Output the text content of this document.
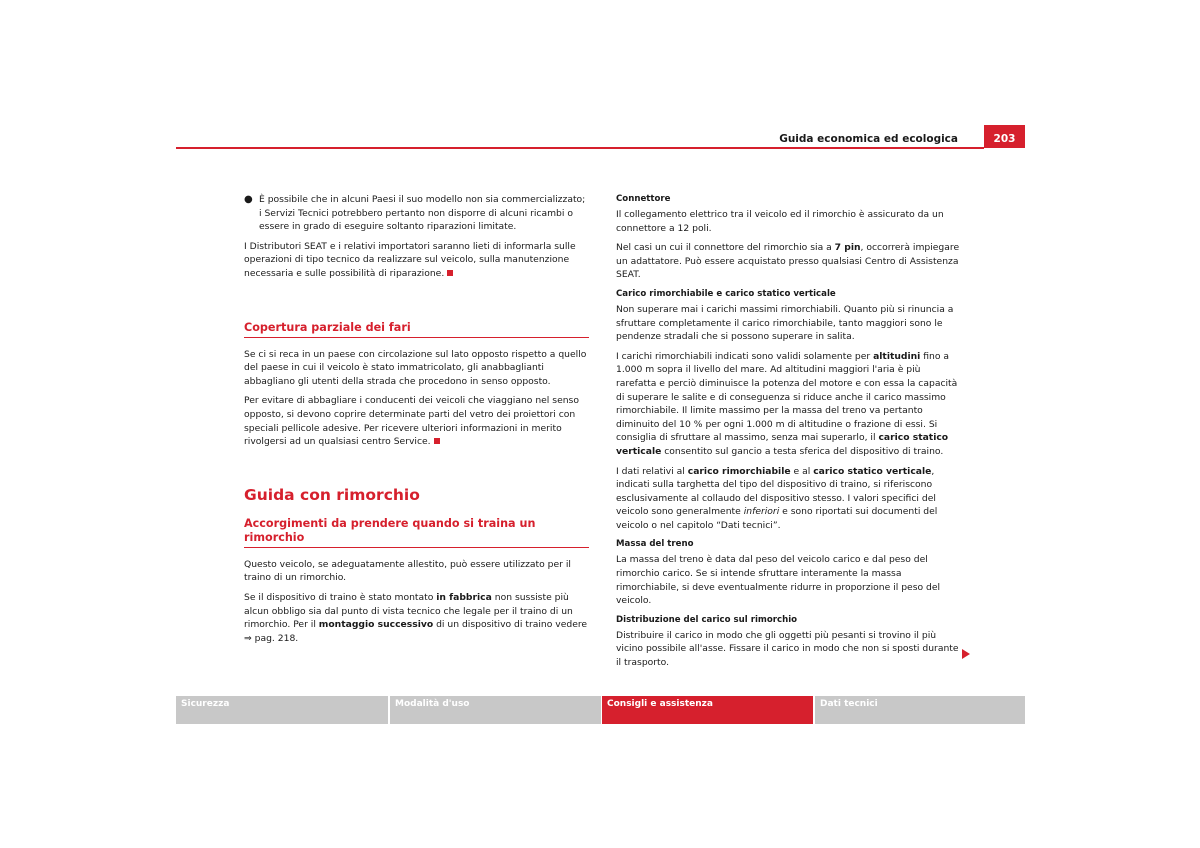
Guida economica ed ecologica	203

● È possibile che in alcuni Paesi il suo modello non sia commercializzato; i Servizi Tecnici potrebbero pertanto non disporre di alcuni ricambi o essere in grado di eseguire soltanto riparazioni limitate.

I Distributori SEAT e i relativi importatori saranno lieti di informarla sulle operazioni di tipo tecnico da realizzare sul veicolo, sulla manutenzione necessaria e sulle possibilità di riparazione.

Copertura parziale dei fari

Se ci si reca in un paese con circolazione sul lato opposto rispetto a quello del paese in cui il veicolo è stato immatricolato, gli anabbaglianti abbagliano gli utenti della strada che procedono in senso opposto.

Per evitare di abbagliare i conducenti dei veicoli che viaggiano nel senso opposto, si devono coprire determinate parti del vetro dei proiettori con speciali pellicole adesive. Per ricevere ulteriori informazioni in merito rivolgersi ad un qualsiasi centro Service.

Guida con rimorchio
Accorgimenti da prendere quando si traina un rimorchio

Questo veicolo, se adeguatamente allestito, può essere utilizzato per il traino di un rimorchio.

Se il dispositivo di traino è stato montato in fabbrica non sussiste più alcun obbligo sia dal punto di vista tecnico che legale per il traino di un rimorchio. Per il montaggio successivo di un dispositivo di traino vedere ⇒ pag. 218.

Connettore

Il collegamento elettrico tra il veicolo ed il rimorchio è assicurato da un connettore a 12 poli.

Nel casi un cui il connettore del rimorchio sia a 7 pin, occorrerà impiegare un adattatore. Può essere acquistato presso qualsiasi Centro di Assistenza SEAT.

Carico rimorchiabile e carico statico verticale

Non superare mai i carichi massimi rimorchiabili. Quanto più si rinuncia a sfruttare completamente il carico rimorchiabile, tanto maggiori sono le pendenze stradali che si possono superare in salita.

I carichi rimorchiabili indicati sono validi solamente per altitudini fino a 1.000 m sopra il livello del mare. Ad altitudini maggiori l'aria è più rarefatta e perciò diminuisce la potenza del motore e con essa la capacità di superare le salite e di conseguenza si riduce anche il carico massimo rimorchiabile. Il limite massimo per la massa del treno va pertanto diminuito del 10 % per ogni 1.000 m di altitudine o frazione di essi. Si consiglia di sfruttare al massimo, senza mai superarlo, il carico statico verticale consentito sul gancio a testa sferica del dispositivo di traino.

I dati relativi al carico rimorchiabile e al carico statico verticale, indicati sulla targhetta del tipo del dispositivo di traino, si riferiscono esclusivamente al collaudo del dispositivo stesso. I valori specifici del veicolo sono generalmente inferiori e sono riportati sui documenti del veicolo o nel capitolo “Dati tecnici”.

Massa del treno

La massa del treno è data dal peso del veicolo carico e dal peso del rimorchio carico. Se si intende sfruttare interamente la massa rimorchiabile, si deve eventualmente ridurre in proporzione il peso del veicolo.

Distribuzione del carico sul rimorchio

Distribuire il carico in modo che gli oggetti più pesanti si trovino il più vicino possibile all'asse. Fissare il carico in modo che non si sposti durante il trasporto.

Sicurezza	Modalità d'uso	Consigli e assistenza	Dati tecnici
